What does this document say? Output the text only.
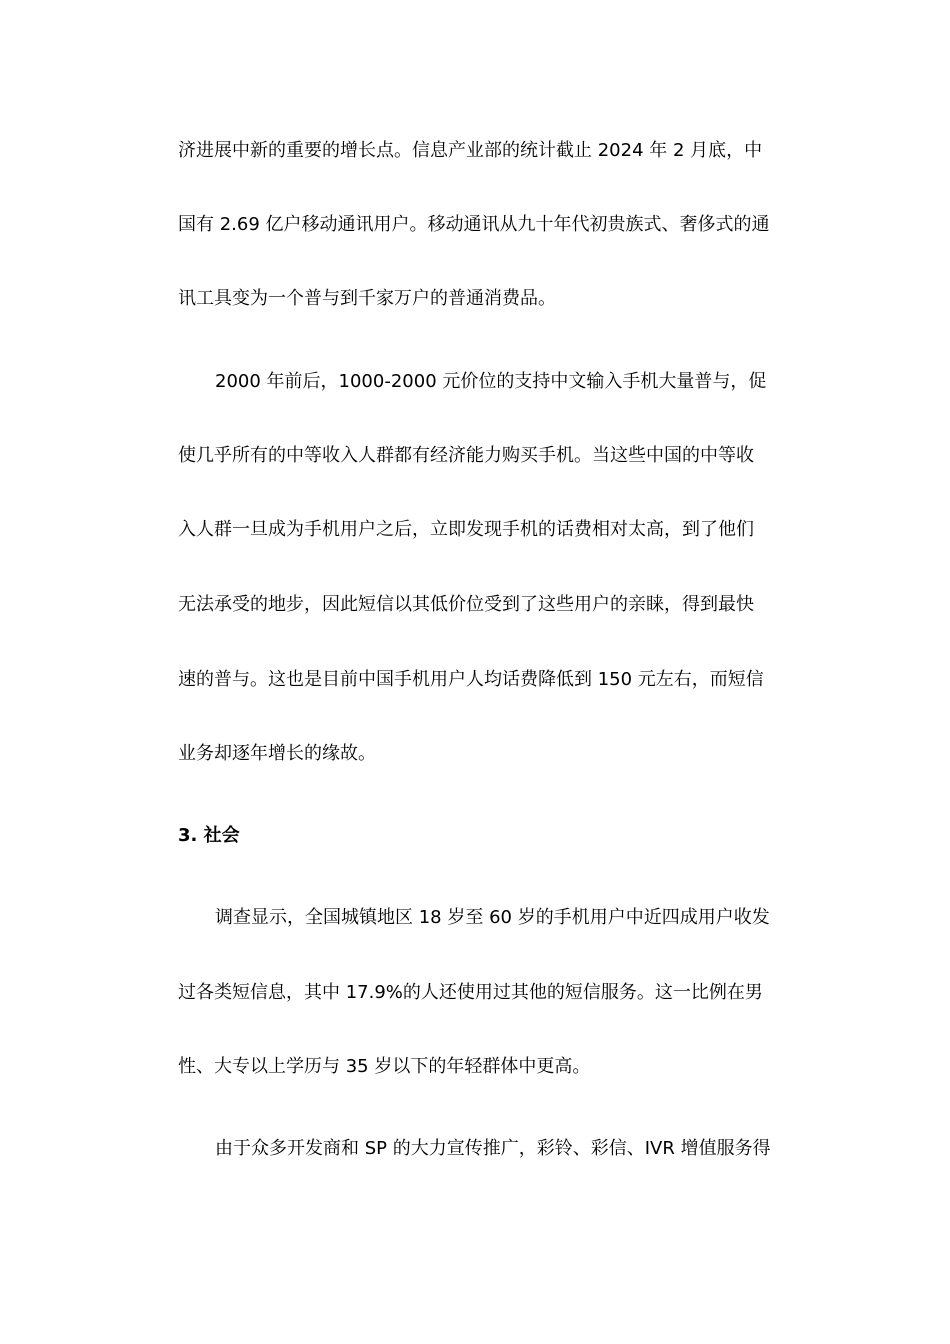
济进展中新的重要的增长点。信息产业部的统计截止 2024 年 2 月底，中
国有 2.69 亿户移动通讯用户。移动通讯从九十年代初贵族式、奢侈式的通
讯工具变为一个普与到千家万户的普通消费品。
2000 年前后，1000-2000 元价位的支持中文输入手机大量普与，促
使几乎所有的中等收入人群都有经济能力购买手机。当这些中国的中等收
入人群一旦成为手机用户之后，立即发现手机的话费相对太高，到了他们
无法承受的地步，因此短信以其低价位受到了这些用户的亲睐，得到最快
速的普与。这也是目前中国手机用户人均话费降低到 150 元左右，而短信
业务却逐年增长的缘故。
3. 社会
调查显示，全国城镇地区 18 岁至 60 岁的手机用户中近四成用户收发
过各类短信息，其中 17.9%的人还使用过其他的短信服务。这一比例在男
性、大专以上学历与 35 岁以下的年轻群体中更高。
由于众多开发商和 SP 的大力宣传推广，彩铃、彩信、IVR 增值服务得
